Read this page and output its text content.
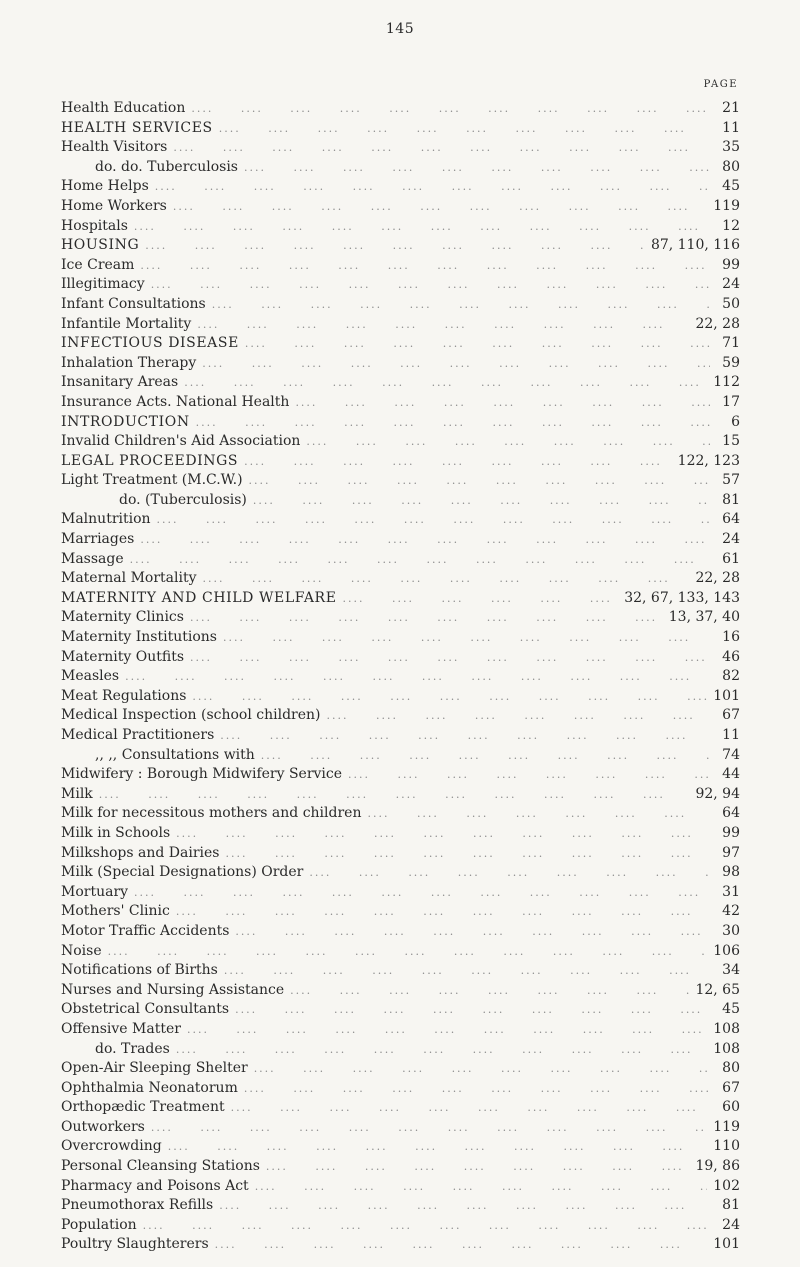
145
PAGE
Health Education ....	21
HEALTH SERVICES ....	11
Health Visitors ....	35
do. do. Tuberculosis ....	80
Home Helps ....	45
Home Workers ....	119
Hospitals ....	12
HOUSING ....	87, 110, 116
Ice Cream ....	99
Illegitimacy ....	24
Infant Consultations ....	50
Infantile Mortality ....	22, 28
INFECTIOUS DISEASE ....	71
Inhalation Therapy ....	59
Insanitary Areas ....	112
Insurance Acts. National Health ....	17
INTRODUCTION ....	6
Invalid Children's Aid Association ....	15
LEGAL PROCEEDINGS ....	122, 123
Light Treatment (M.C.W.) ....	57
do. (Tuberculosis) ....	81
Malnutrition ....	64
Marriages ....	24
Massage ....	61
Maternal Mortality ....	22, 28
MATERNITY AND CHILD WELFARE ....	32, 67, 133, 143
Maternity Clinics ....	13, 37, 40
Maternity Institutions ....	16
Maternity Outfits ....	46
Measles ....	82
Meat Regulations ....	101
Medical Inspection (school children) ....	67
Medical Practitioners ....	11
,, ,, Consultations with ....	74
Midwifery : Borough Midwifery Service ....	44
Milk ....	92, 94
Milk for necessitous mothers and children ....	64
Milk in Schools ....	99
Milkshops and Dairies ....	97
Milk (Special Designations) Order ....	98
Mortuary ....	31
Mothers' Clinic ....	42
Motor Traffic Accidents ....	30
Noise ....	106
Notifications of Births ....	34
Nurses and Nursing Assistance ....	12, 65
Obstetrical Consultants ....	45
Offensive Matter ....	108
do. Trades ....	108
Open-Air Sleeping Shelter ....	80
Ophthalmia Neonatorum ....	67
Orthopædic Treatment ....	60
Outworkers ....	119
Overcrowding ....	110
Personal Cleansing Stations ....	19, 86
Pharmacy and Poisons Act ....	102
Pneumothorax Refills ....	81
Population ....	24
Poultry Slaughterers ....	101
